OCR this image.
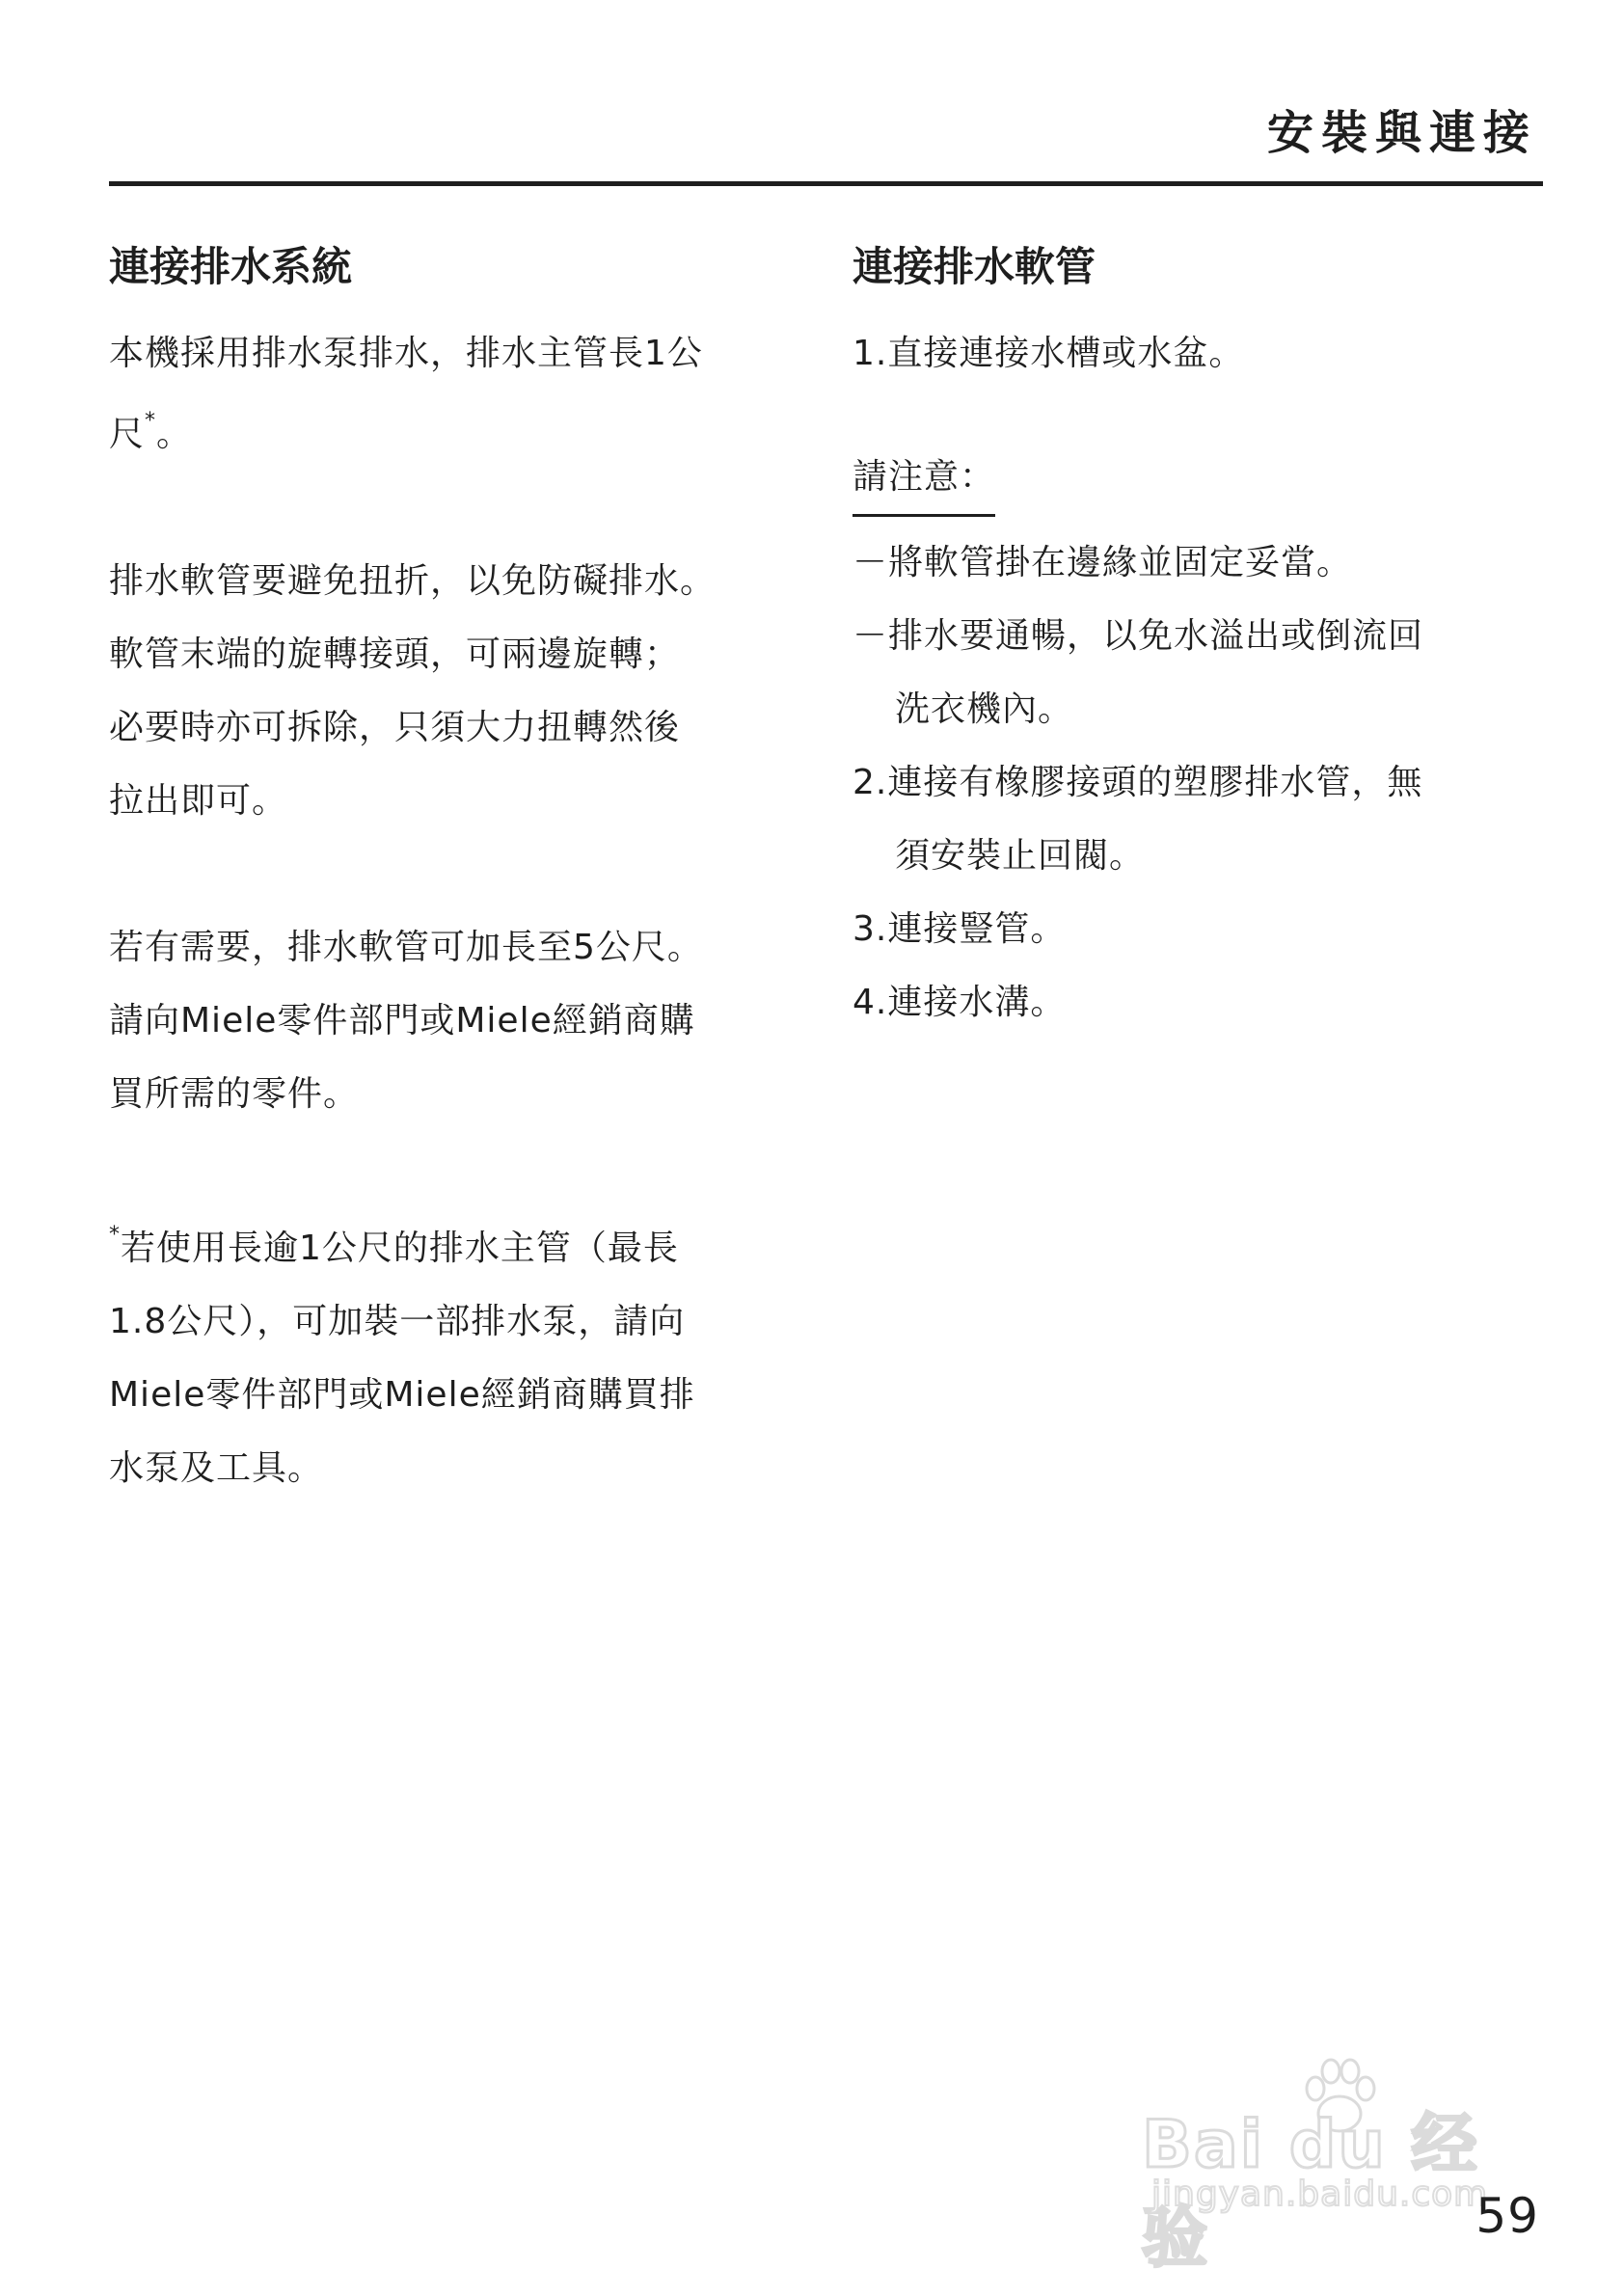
安裝與連接
連接排水系統

本機採用排水泵排水，排水主管長1公

尺*。

排水軟管要避免扭折，以免防礙排水。

軟管末端的旋轉接頭，可兩邊旋轉；

必要時亦可拆除，只須大力扭轉然後

拉出即可。

若有需要，排水軟管可加長至5公尺。

請向Miele零件部門或Miele經銷商購

買所需的零件。

*若使用長逾1公尺的排水主管（最長

1.8公尺），可加裝一部排水泵，請向

Miele零件部門或Miele經銷商購買排

水泵及工具。

連接排水軟管

1.直接連接水槽或水盆。

請注意：

－將軟管掛在邊緣並固定妥當。

－排水要通暢，以免水溢出或倒流回

洗衣機內。

2.連接有橡膠接頭的塑膠排水管，無

須安裝止回閥。

3.連接豎管。

4.連接水溝。

Bai du 经验
jingyan.baidu.com

59
